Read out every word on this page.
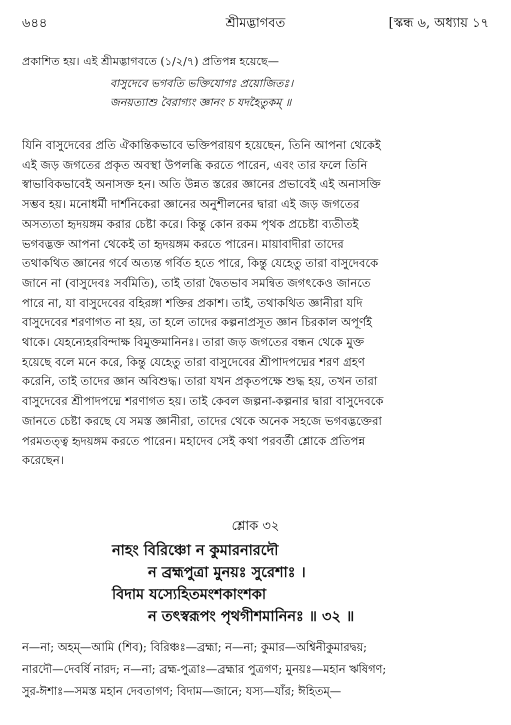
৬৪৪	শ্রীমদ্ভাগবত	[স্কন্ধ ৬, অধ্যায় ১৭
প্রকাশিত হয়। এই শ্রীমদ্ভাগবতে (১/২/৭) প্রতিপন্ন হয়েছে—
বাসুদেবে ভগবতি ভক্তিযোগঃ প্রয়োজিতঃ।
জনয়ত্যাশু বৈরাগ্যং জ্ঞানং চ যদহৈতুকম্ ॥
যিনি বাসুদেবের প্রতি ঐকান্তিকভাবে ভক্তিপরায়ণ হয়েছেন, তিনি আপনা থেকেই
এই জড় জগতের প্রকৃত অবস্থা উপলব্ধি করতে পারেন, এবং তার ফলে তিনি
স্বাভাবিকভাবেই অনাসক্ত হন। অতি উন্নত স্তরের জ্ঞানের প্রভাবেই এই অনাসক্তি
সম্ভব হয়। মনোধর্মী দার্শনিকেরা জ্ঞানের অনুশীলনের দ্বারা এই জড় জগতের
অসত্যতা হৃদয়ঙ্গম করার চেষ্টা করে। কিন্তু কোন রকম পৃথক প্রচেষ্টা ব্যতীতই
ভগবদ্ভক্ত আপনা থেকেই তা হৃদয়ঙ্গম করতে পারেন। মায়াবাদীরা তাদের
তথাকথিত জ্ঞানের গর্বে অত্যন্ত গর্বিত হতে পারে, কিন্তু যেহেতু তারা বাসুদেবকে
জানে না (বাসুদেবঃ সর্বমিতি), তাই তারা দ্বৈতভাব সমন্বিত জগৎকেও জানতে
পারে না, যা বাসুদেবের বহিরঙ্গা শক্তির প্রকাশ। তাই, তথাকথিত জ্ঞানীরা যদি
বাসুদেবের শরণাগত না হয়, তা হলে তাদের কল্পনাপ্রসূত জ্ঞান চিরকাল অপূর্ণই
থাকে। যেহন্যেহরবিন্দাক্ষ বিমুক্তমানিনঃ। তারা জড় জগতের বন্ধন থেকে মুক্ত
হয়েছে বলে মনে করে, কিন্তু যেহেতু তারা বাসুদেবের শ্রীপাদপদ্মের শরণ গ্রহণ
করেনি, তাই তাদের জ্ঞান অবিশুদ্ধ। তারা যখন প্রকৃতপক্ষে শুদ্ধ হয়, তখন তারা
বাসুদেবের শ্রীপাদপদ্মে শরণাগত হয়। তাই কেবল জল্পনা-কল্পনার দ্বারা বাসুদেবকে
জানতে চেষ্টা করছে যে সমস্ত জ্ঞানীরা, তাদের থেকে অনেক সহজে ভগবদ্ভক্তেরা
পরমতত্ত্ব হৃদয়ঙ্গম করতে পারেন। মহাদেব সেই কথা পরবর্তী শ্লোকে প্রতিপন্ন
করেছেন।
শ্লোক ৩২
নাহং বিরিঞ্চো ন কুমারনারদৌ
ন ব্রহ্মপুত্রা মুনয়ঃ সুরেশাঃ ।
বিদাম যস্যেহিতমংশকাংশকা
ন তৎস্বরূপং পৃথগীশমানিনঃ ॥ ৩২ ॥
ন—না; অহম্—আমি (শিব); বিরিঞ্চঃ—ব্রহ্মা; ন—না; কুমার—অশ্বিনীকুমারদ্বয়;
নারদৌ—দেবর্ষি নারদ; ন—না; ব্রহ্ম-পুত্রাঃ—ব্রহ্মার পুত্রগণ; মুনয়ঃ—মহান ঋষিগণ;
সুর-ঈশাঃ—সমস্ত মহান দেবতাগণ; বিদাম—জানে; যস্য—যাঁর; ঈহিতম্—
